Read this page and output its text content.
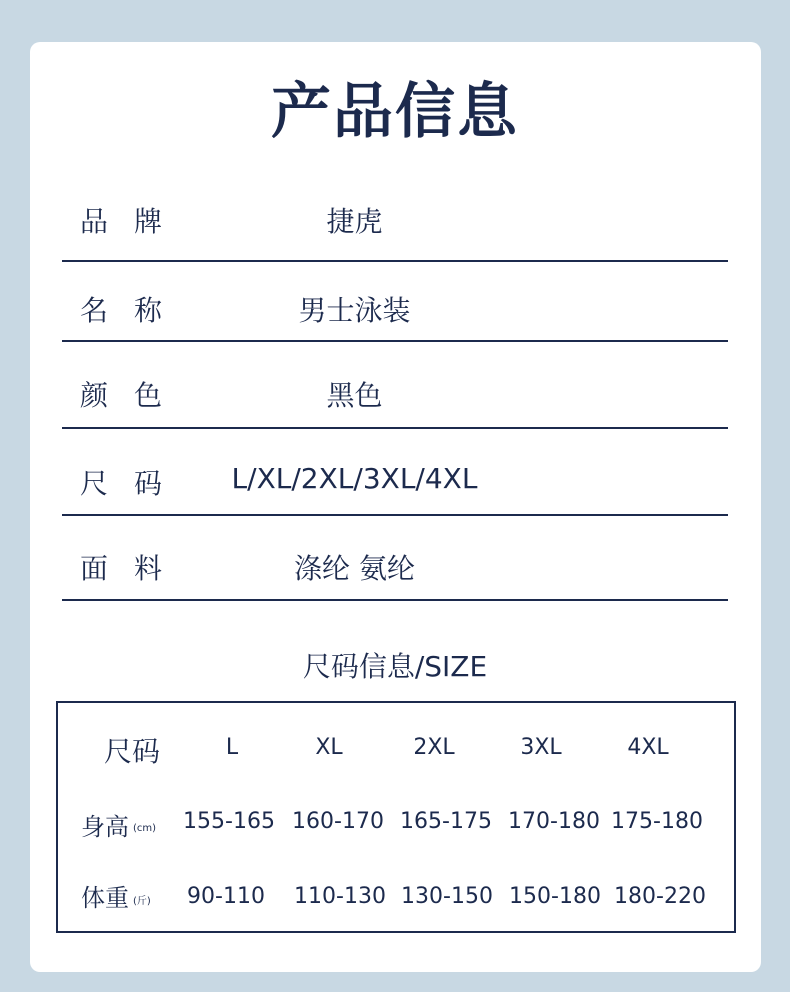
产品信息
品牌	捷虎
名称	男士泳装
颜色	黑色
尺码	L/XL/2XL/3XL/4XL
面料	涤纶 氨纶
尺码信息/SIZE
尺码	L	XL	2XL	3XL	4XL
身高 (cm) 155-165 160-170 165-175 170-180 175-180
体重 (斤)	90-110	110-130 130-150 150-180 180-220
